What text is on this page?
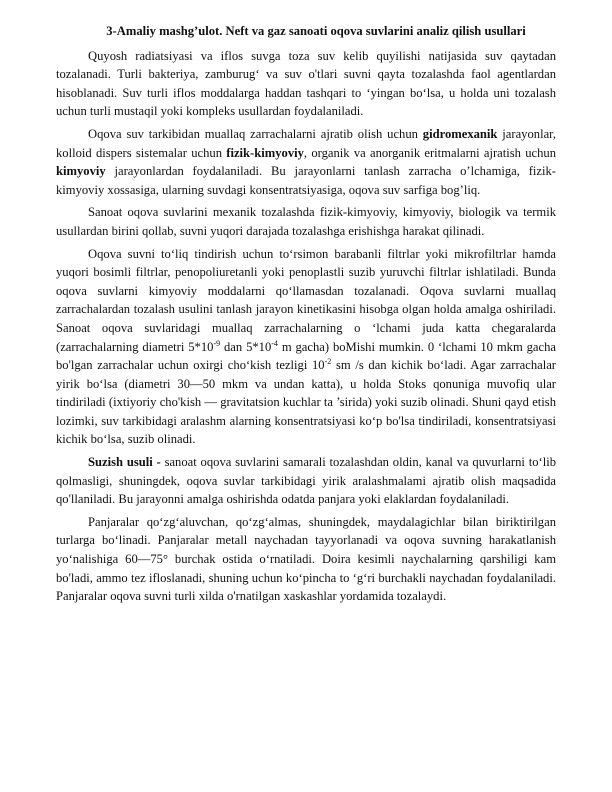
3-Amaliy mashg’ulot. Neft va gaz sanoati oqova suvlarini analiz qilish usullari

Quyosh radiatsiyasi va iflos suvga toza suv kelib quyilishi natijasida suv qaytadan tozalanadi. Turli bakteriya, zamburug‘ va suv o'tlari suvni qayta tozalashda faol agentlardan hisoblanadi. Suv turli iflos moddalarga haddan tashqari to ‘yingan bo‘lsa, u holda uni tozalash uchun turli mustaqil yoki kompleks usullardan foydalaniladi.

Oqova suv tarkibidan muallaq zarrachalarni ajratib olish uchun gidromexanik jarayonlar, kolloid dispers sistemalar uchun fizik-kimyoviy, organik va anorganik eritmalarni ajratish uchun kimyoviy jarayonlardan foydalaniladi. Bu jarayonlarni tanlash zarracha o’lchamiga, fizik-kimyoviy xossasiga, ularning suvdagi konsentratsiyasiga, oqova suv sarfiga bog’liq.

Sanoat oqova suvlarini mexanik tozalashda fizik-kimyoviy, kimyoviy, biologik va termik usullardan birini qollab, suvni yuqori darajada tozalashga erishishga harakat qilinadi.

Oqova suvni to‘liq tindirish uchun to‘rsimon barabanli filtrlar yoki mikrofiltrlar hamda yuqori bosimli filtrlar, penopoliuretanli yoki penoplastli suzib yuruvchi filtrlar ishlatiladi. Bunda oqova suvlarni kimyoviy moddalarni qo‘llamasdan tozalanadi. Oqova suvlarni muallaq zarrachalardan tozalash usulini tanlash jarayon kinetikasini hisobga olgan holda amalga oshiriladi. Sanoat oqova suvlaridagi muallaq zarrachalarning o ‘lchami juda katta chegaralarda (zarrachalarning diametri $5*10^{-9}$ dan $5*10^{-4}$ m gacha) boMishi mumkin. 0 ‘lchami 10 mkm gacha bo'lgan zarrachalar uchun oxirgi cho‘kish tezligi $10^{-2}$ sm /s dan kichik bo‘ladi. Agar zarrachalar yirik bo‘lsa (diametri 30—50 mkm va undan katta), u holda Stoks qonuniga muvofiq ular tindiriladi (ixtiyoriy cho'kish — gravitatsion kuchlar ta ’sirida) yoki suzib olinadi. Shuni qayd etish lozimki, suv tarkibidagi aralashm alarning konsentratsiyasi ko‘p bo'lsa tindiriladi, konsentratsiyasi kichik bo‘lsa, suzib olinadi.

Suzish usuli - sanoat oqova suvlarini samarali tozalashdan oldin, kanal va quvurlarni to‘lib qolmasligi, shuningdek, oqova suvlar tarkibidagi yirik aralashmalami ajratib olish maqsadida qo'llaniladi. Bu jarayonni amalga oshirishda odatda panjara yoki elaklardan foydalaniladi.

Panjaralar qo‘zg‘aluvchan, qo‘zg‘almas, shuningdek, maydalagichlar bilan biriktirilgan turlarga bo‘linadi. Panjaralar metall naychadan tayyorlanadi va oqova suvning harakatlanish yo‘nalishiga 60—75° burchak ostida o‘rnatiladi. Doira kesimli naychalarning qarshiligi kam bo'ladi, ammo tez ifloslanadi, shuning uchun ko‘pincha to ‘g‘ri burchakli naychadan foydalaniladi. Panjaralar oqova suvni turli xilda o'rnatilgan xaskashlar yordamida tozalaydi.
